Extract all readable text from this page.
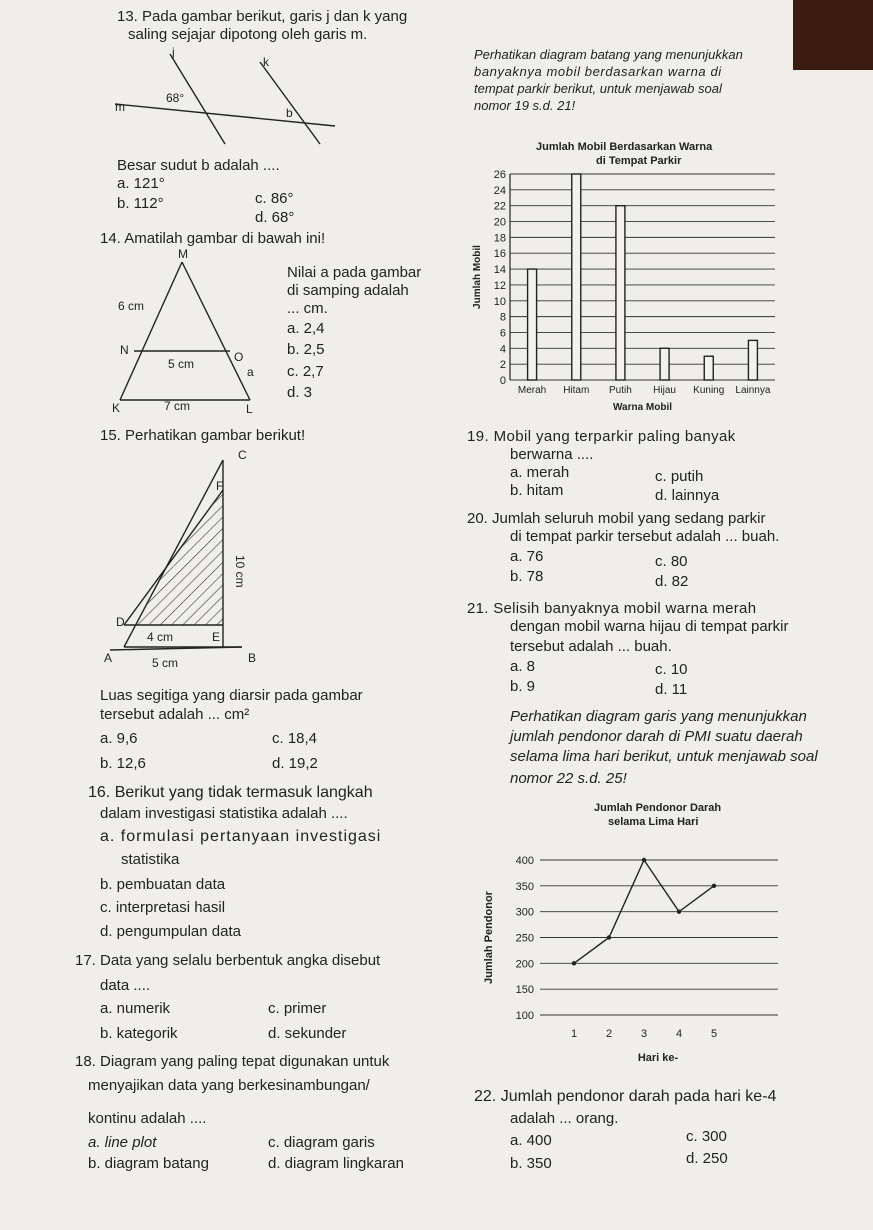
13. Pada gambar berikut, garis j dan k yang
saling sejajar dipotong oleh garis m.
j
k
m
68°
b
Besar sudut b adalah ....
a. 121°
b. 112°	c. 86°
d. 68°
14. Amatilah gambar di bawah ini!
M
N	O
K	L
a
6 cm
5 cm
7 cm
Nilai a pada gambar
di samping adalah
... cm.
a. 2,4
b. 2,5
c. 2,7
d. 3
15. Perhatikan gambar berikut!
C
F
D
E
A	B
4 cm
5 cm
10 cm
Luas segitiga yang diarsir pada gambar
tersebut adalah ... cm²
a. 9,6
b. 12,6
c. 18,4
d. 19,2
16. Berikut yang tidak termasuk langkah
dalam investigasi statistika adalah ....
a. formulasi pertanyaan investigasi
statistika
b. pembuatan data
c. interpretasi hasil
d. pengumpulan data
17. Data yang selalu berbentuk angka disebut
data ....
a. numerik
b. kategorik
c. primer
d. sekunder
18. Diagram yang paling tepat digunakan untuk
menyajikan data yang berkesinambungan/
kontinu adalah ....
a. line plot
b. diagram batang
c. diagram garis
d. diagram lingkaran
Perhatikan diagram batang yang menunjukkan
banyaknya mobil berdasarkan warna di
tempat parkir berikut, untuk menjawab soal
nomor 19 s.d. 21!
Jumlah Mobil Berdasarkan Warna
di Tempat Parkir
0
2
4
6
8
10
12
14
16
18
20
22
24
26
Merah Hitam Putih Hijau Kuning Lainnya
Warna Mobil
Jumlah Mobil
19. Mobil yang terparkir paling banyak
berwarna ....
a. merah
b. hitam
c. putih
d. lainnya
20. Jumlah seluruh mobil yang sedang parkir
di tempat parkir tersebut adalah ... buah.
a. 76
b. 78
c. 80
d. 82
21. Selisih banyaknya mobil warna merah
dengan mobil warna hijau di tempat parkir
tersebut adalah ... buah.
a. 8
b. 9
c. 10
d. 11
Perhatikan diagram garis yang menunjukkan
jumlah pendonor darah di PMI suatu daerah
selama lima hari berikut, untuk menjawab soal
nomor 22 s.d. 25!
Jumlah Pendonor Darah
selama Lima Hari
100
150
200
250
300
350
400
1	2	3	4	5
Hari ke-
Jumlah Pendonor
22. Jumlah pendonor darah pada hari ke-4
adalah ... orang.
a. 400
b. 350
c. 300
d. 250
